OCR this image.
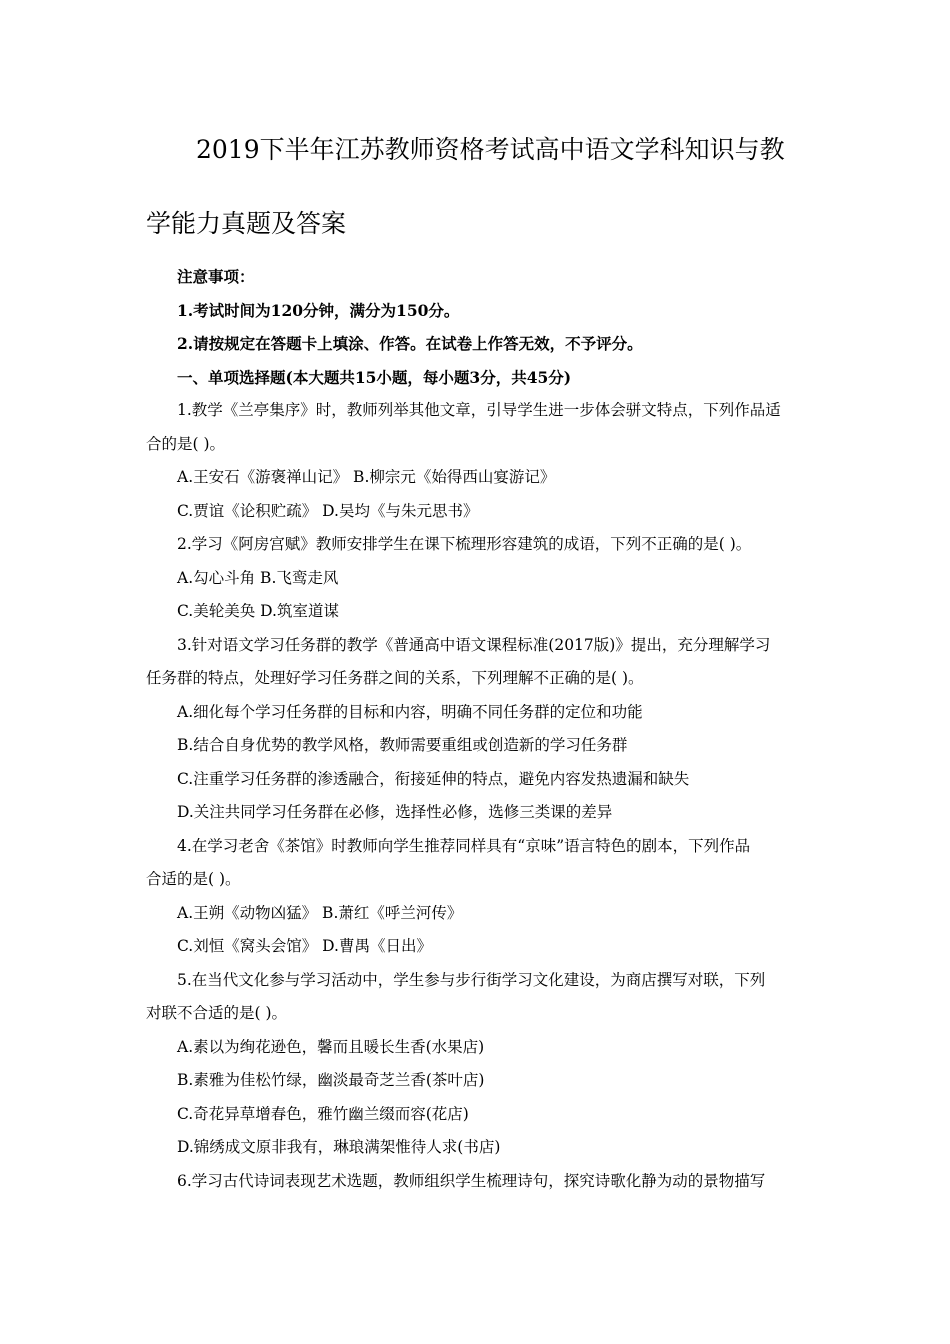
2019下半年江苏教师资格考试高中语文学科知识与教
学能力真题及答案
注意事项：
1.考试时间为120分钟，满分为150分。
2.请按规定在答题卡上填涂、作答。在试卷上作答无效，不予评分。
一、单项选择题(本大题共15小题，每小题3分，共45分)
1.教学《兰亭集序》时，教师列举其他文章，引导学生进一步体会骈文特点，下列作品适
合的是( )。
A.王安石《游褒禅山记》 B.柳宗元《始得西山宴游记》
C.贾谊《论积贮疏》 D.吴均《与朱元思书》
2.学习《阿房宫赋》教师安排学生在课下梳理形容建筑的成语，下列不正确的是( )。
A.勾心斗角 B.飞鸾走风
C.美轮美奂 D.筑室道谋
3.针对语文学习任务群的教学《普通高中语文课程标准(2017版)》提出，充分理解学习
任务群的特点，处理好学习任务群之间的关系，下列理解不正确的是( )。
A.细化每个学习任务群的目标和内容，明确不同任务群的定位和功能
B.结合自身优势的教学风格，教师需要重组或创造新的学习任务群
C.注重学习任务群的渗透融合，衔接延伸的特点，避免内容发热遗漏和缺失
D.关注共同学习任务群在必修，选择性必修，选修三类课的差异
4.在学习老舍《茶馆》时教师向学生推荐同样具有“京味”语言特色的剧本，下列作品
合适的是( )。
A.王朔《动物凶猛》 B.萧红《呼兰河传》
C.刘恒《窝头会馆》 D.曹禺《日出》
5.在当代文化参与学习活动中，学生参与步行街学习文化建设，为商店撰写对联，下列
对联不合适的是( )。
A.素以为绚花逊色，馨而且暖长生香(水果店)
B.素雅为佳松竹绿，幽淡最奇芝兰香(茶叶店)
C.奇花异草增春色，雅竹幽兰缀而容(花店)
D.锦绣成文原非我有，琳琅满架惟待人求(书店)
6.学习古代诗词表现艺术选题，教师组织学生梳理诗句，探究诗歌化静为动的景物描写
